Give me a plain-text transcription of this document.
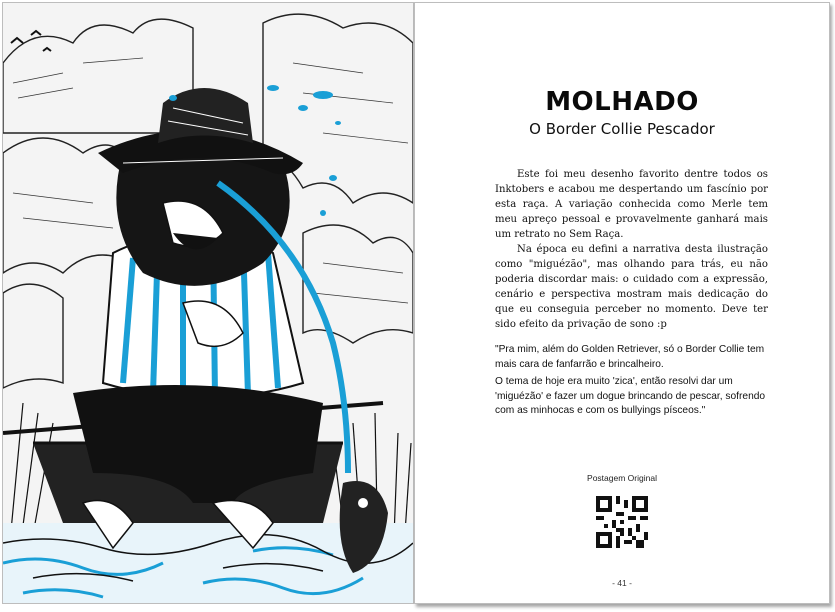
MOLHADO
O Border Collie Pescador

Este foi meu desenho favorito dentre todos os Inktobers e acabou me despertando um fascínio por esta raça. A variação conhecida como Merle tem meu apreço pessoal e provavelmente ganhará mais um retrato no Sem Raça.

Na época eu defini a narrativa desta ilustração como "miguézão", mas olhando para trás, eu não poderia discordar mais: o cuidado com a expressão, cenário e perspectiva mostram mais dedicação do que eu conseguia perceber no momento. Deve ter sido efeito da privação de sono :p

"Pra mim, além do Golden Retriever, só o Border Collie tem mais cara de fanfarrão e brincalheiro.
O tema de hoje era muito 'zica', então resolvi dar um 'miguézão' e fazer um dogue brincando de pescar, sofrendo com as minhocas e com os bullyings písceos."
Postagem Original
- 41 -
